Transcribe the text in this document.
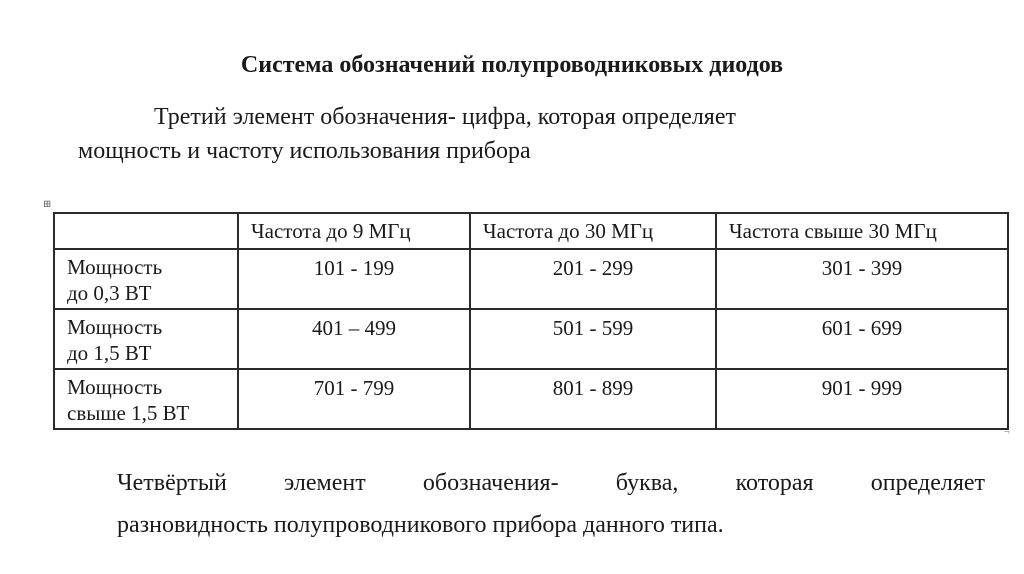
Система обозначений полупроводниковых диодов
Третий элемент обозначения- цифра, которая определяет
мощность и частоту использования прибора
⊞
	Частота до 9 МГц	Частота до 30 МГц	Частота свыше 30 МГц
Мощность
до 0,3 ВТ	101 - 199	201 - 299	301 - 399
Мощность
до 1,5 ВТ	401 – 499	501 - 599	601 - 699
Мощность
свыше 1,5 ВТ	701 - 799	801 - 899	901 - 999
¬
Четвёртый элемент обозначения- буква, которая определяет
разновидность полупроводникового прибора данного типа.
